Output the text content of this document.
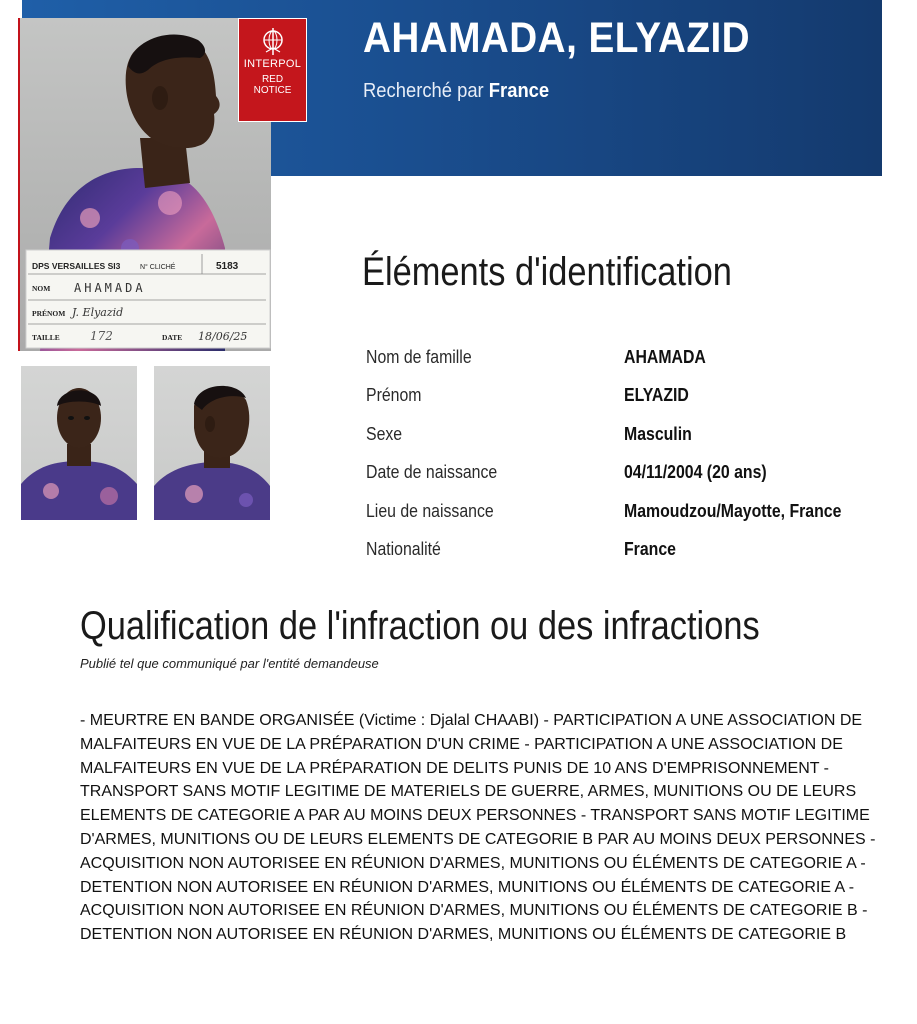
AHAMADA, ELYAZID
Recherché par France
DPS VERSAILLES SI3	N° CLICHÉ	5183
NOM AHAMADA
PRÉNOM J. Elyazid
TAILLE	172	DATE 18/06/25
INTERPOL
RED
NOTICE
Éléments d'identification
Nom de famille	AHAMADA
Prénom	ELYAZID
Sexe	Masculin
Date de naissance	04/11/2004 (20 ans)
Lieu de naissance	Mamoudzou/Mayotte, France
Nationalité	France
Qualification de l'infraction ou des infractions
Publié tel que communiqué par l'entité demandeuse

- MEURTRE EN BANDE ORGANISÉE (Victime : Djalal CHAABI) - PARTICIPATION A UNE ASSOCIATION DE MALFAITEURS EN VUE DE LA PRÉPARATION D'UN CRIME - PARTICIPATION A UNE ASSOCIATION DE MALFAITEURS EN VUE DE LA PRÉPARATION DE DELITS PUNIS DE 10 ANS D'EMPRISONNEMENT - TRANSPORT SANS MOTIF LEGITIME DE MATERIELS DE GUERRE, ARMES, MUNITIONS OU DE LEURS ELEMENTS DE CATEGORIE A PAR AU MOINS DEUX PERSONNES - TRANSPORT SANS MOTIF LEGITIME D'ARMES, MUNITIONS OU DE LEURS ELEMENTS DE CATEGORIE B PAR AU MOINS DEUX PERSONNES - ACQUISITION NON AUTORISEE EN RÉUNION D'ARMES, MUNITIONS OU ÉLÉMENTS DE CATEGORIE A - DETENTION NON AUTORISEE EN RÉUNION D'ARMES, MUNITIONS OU ÉLÉMENTS DE CATEGORIE A - ACQUISITION NON AUTORISEE EN RÉUNION D'ARMES, MUNITIONS OU ÉLÉMENTS DE CATEGORIE B - DETENTION NON AUTORISEE EN RÉUNION D'ARMES, MUNITIONS OU ÉLÉMENTS DE CATEGORIE B
